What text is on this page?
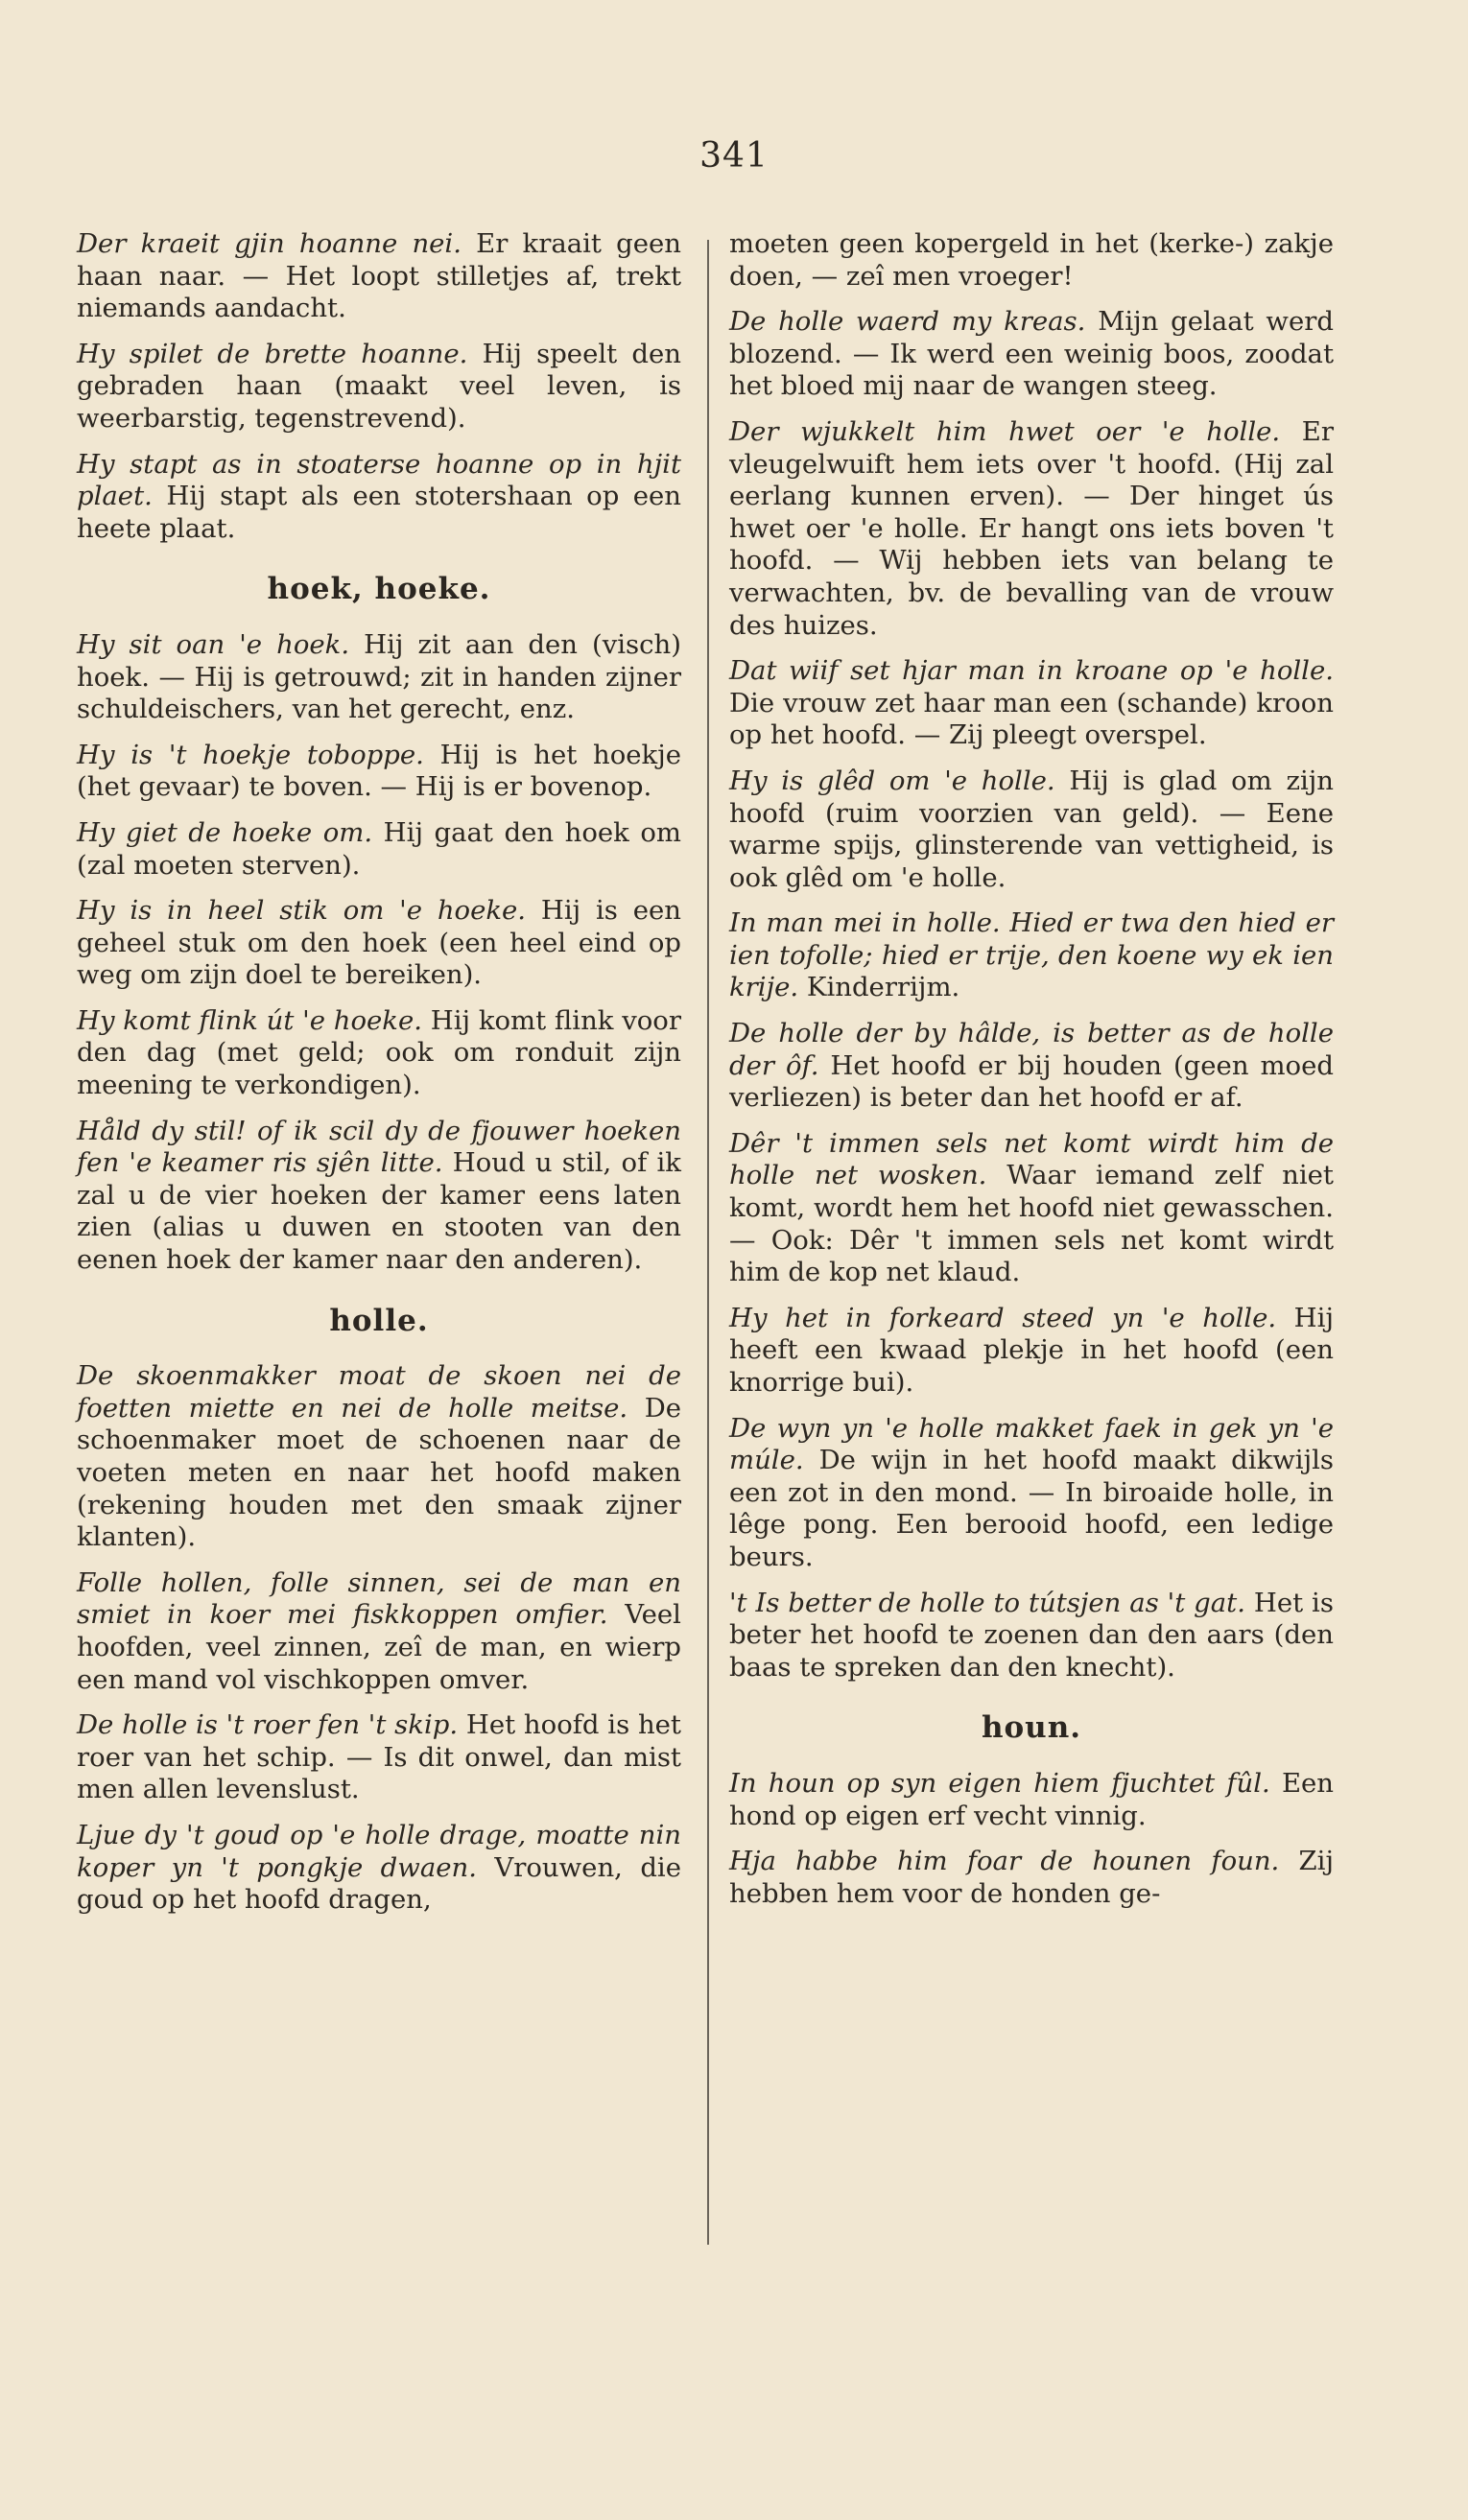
341

Der kraeit gjin hoanne nei. Er kraait geen haan naar. — Het loopt stilletjes af, trekt niemands aandacht.

Hy spilet de brette hoanne. Hij speelt den gebraden haan (maakt veel leven, is weerbarstig, tegenstrevend).

Hy stapt as in stoaterse hoanne op in hjit plaet. Hij stapt als een stotershaan op een heete plaat.

hoek, hoeke.

Hy sit oan 'e hoek. Hij zit aan den (visch) hoek. — Hij is getrouwd; zit in handen zijner schuldeischers, van het gerecht, enz.

Hy is 't hoekje toboppe. Hij is het hoekje (het gevaar) te boven. — Hij is er bovenop.

Hy giet de hoeke om. Hij gaat den hoek om (zal moeten sterven).

Hy is in heel stik om 'e hoeke. Hij is een geheel stuk om den hoek (een heel eind op weg om zijn doel te bereiken).

Hy komt flink út 'e hoeke. Hij komt flink voor den dag (met geld; ook om ronduit zijn meening te verkondigen).

Håld dy stil! of ik scil dy de fjouwer hoeken fen 'e keamer ris sjên litte. Houd u stil, of ik zal u de vier hoeken der kamer eens laten zien (alias u duwen en stooten van den eenen hoek der kamer naar den anderen).

holle.

De skoenmakker moat de skoen nei de foetten miette en nei de holle meitse. De schoenmaker moet de schoenen naar de voeten meten en naar het hoofd maken (rekening houden met den smaak zijner klanten).

Folle hollen, folle sinnen, sei de man en smiet in koer mei fiskkoppen omfier. Veel hoofden, veel zinnen, zeî de man, en wierp een mand vol vischkoppen omver.

De holle is 't roer fen 't skip. Het hoofd is het roer van het schip. — Is dit onwel, dan mist men allen levenslust.

Ljue dy 't goud op 'e holle drage, moatte nin koper yn 't pongkje dwaen. Vrouwen, die goud op het hoofd dragen,

moeten geen kopergeld in het (kerke-) zakje doen, — zeî men vroeger!

De holle waerd my kreas. Mijn gelaat werd blozend. — Ik werd een weinig boos, zoodat het bloed mij naar de wangen steeg.

Der wjukkelt him hwet oer 'e holle. Er vleugelwuift hem iets over 't hoofd. (Hij zal eerlang kunnen erven). — Der hinget ús hwet oer 'e holle. Er hangt ons iets boven 't hoofd. — Wij hebben iets van belang te verwachten, bv. de bevalling van de vrouw des huizes.

Dat wiif set hjar man in kroane op 'e holle. Die vrouw zet haar man een (schande) kroon op het hoofd. — Zij pleegt overspel.

Hy is glêd om 'e holle. Hij is glad om zijn hoofd (ruim voorzien van geld). — Eene warme spijs, glinsterende van vettigheid, is ook glêd om 'e holle.

In man mei in holle. Hied er twa den hied er ien tofolle; hied er trije, den koene wy ek ien krije. Kinderrijm.

De holle der by hâlde, is better as de holle der ôf. Het hoofd er bij houden (geen moed verliezen) is beter dan het hoofd er af.

Dêr 't immen sels net komt wirdt him de holle net wosken. Waar iemand zelf niet komt, wordt hem het hoofd niet gewasschen. — Ook: Dêr 't immen sels net komt wirdt him de kop net klaud.

Hy het in forkeard steed yn 'e holle. Hij heeft een kwaad plekje in het hoofd (een knorrige bui).

De wyn yn 'e holle makket faek in gek yn 'e múle. De wijn in het hoofd maakt dikwijls een zot in den mond. — In biroaide holle, in lêge pong. Een berooid hoofd, een ledige beurs.

't Is better de holle to tútsjen as 't gat. Het is beter het hoofd te zoenen dan den aars (den baas te spreken dan den knecht).

houn.

In houn op syn eigen hiem fjuchtet fûl. Een hond op eigen erf vecht vinnig.

Hja habbe him foar de hounen foun. Zij hebben hem voor de honden ge-
